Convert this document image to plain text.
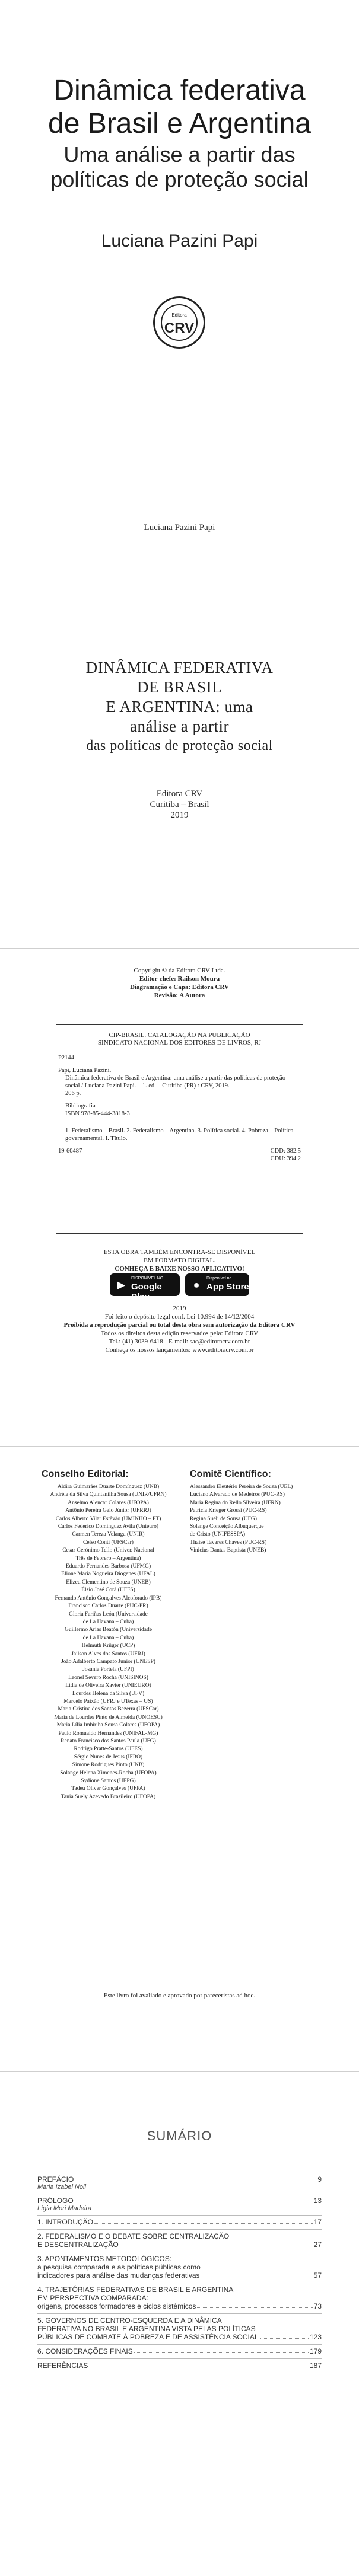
Dinâmica federativa
de Brasil e Argentina
Uma análise a partir das
políticas de proteção social
Luciana Pazini Papi
Editora
CRV
Luciana Pazini Papi
DINÂMICA FEDERATIVA DE BRASIL
E ARGENTINA: uma análise a partir
das políticas de proteção social
Editora CRV
Curitiba – Brasil
2019
Copyright © da Editora CRV Ltda.
Editor-chefe: Railson Moura
Diagramação e Capa: Editora CRV
Revisão: A Autora
CIP-BRASIL. CATALOGAÇÃO NA PUBLICAÇÃO
SINDICATO NACIONAL DOS EDITORES DE LIVROS, RJ
P2144
Papi, Luciana Pazini.
Dinâmica federativa de Brasil e Argentina: uma análise a partir das políticas de proteção social / Luciana Pazini Papi. – 1. ed. – Curitiba (PR) : CRV, 2019.
206 p.
Bibliografia
ISBN 978-85-444-3818-3
1. Federalismo – Brasil. 2. Federalismo – Argentina. 3. Política social. 4. Pobreza – Política governamental. I. Título.
19-60487	CDD: 382.5
CDU: 394.2
ESTA OBRA TAMBÉM ENCONTRA-SE DISPONÍVEL
EM FORMATO DIGITAL.
CONHEÇA E BAIXE NOSSO APLICATIVO!
▶
DISPONÍVEL NO
Google Play
●
Disponível na
App Store
2019
Foi feito o depósito legal conf. Lei 10.994 de 14/12/2004
Proibida a reprodução parcial ou total desta obra sem autorização da Editora CRV
Todos os direitos desta edição reservados pela: Editora CRV
Tel.: (41) 3039-6418 - E-mail: sac@editoracrv.com.br
Conheça os nossos lançamentos: www.editoracrv.com.br
Conselho Editorial:
Aldira Guimarães Duarte Domínguez (UNB)
Andréia da Silva Quintanilha Sousa (UNIR/UFRN)
Anselmo Alencar Colares (UFOPA)
Antônio Pereira Gaio Júnior (UFRRJ)
Carlos Alberto Vilar Estêvão (UMINHO – PT)
Carlos Federico Dominguez Avila (Unieuro)
Carmen Tereza Velanga (UNIR)
Celso Conti (UFSCar)
Cesar Gerónimo Tello (Univer. Nacional
Três de Febrero – Argentina)
Eduardo Fernandes Barbosa (UFMG)
Elione Maria Nogueira Diogenes (UFAL)
Elizeu Clementino de Souza (UNEB)
Élsio José Corá (UFFS)
Fernando Antônio Gonçalves Alcoforado (IPB)
Francisco Carlos Duarte (PUC-PR)
Gloria Fariñas León (Universidade
de La Havana – Cuba)
Guillermo Arias Beatón (Universidade
de La Havana – Cuba)
Helmuth Krüger (UCP)
Jailson Alves dos Santos (UFRJ)
João Adalberto Campato Junior (UNESP)
Josania Portela (UFPI)
Leonel Severo Rocha (UNISINOS)
Lídia de Oliveira Xavier (UNIEURO)
Lourdes Helena da Silva (UFV)
Marcelo Paixão (UFRJ e UTexas – US)
Maria Cristina dos Santos Bezerra (UFSCar)
Maria de Lourdes Pinto de Almeida (UNOESC)
Maria Lília Imbiriba Sousa Colares (UFOPA)
Paulo Romualdo Hernandes (UNIFAL-MG)
Renato Francisco dos Santos Paula (UFG)
Rodrigo Pratte-Santos (UFES)
Sérgio Nunes de Jesus (IFRO)
Simone Rodrigues Pinto (UNB)
Solange Helena Ximenes-Rocha (UFOPA)
Sydione Santos (UEPG)
Tadeu Oliver Gonçalves (UFPA)
Tania Suely Azevedo Brasileiro (UFOPA)
Comitê Científico:
Alessandro Eleutério Pereira de Souza (UEL)
Luciano Alvarado de Medeiros (PUC-RS)
Maria Regina do Rello Silveira (UFRN)
Patricia Krieger Grossi (PUC-RS)
Regina Sueli de Sousa (UFG)
Solange Conceição Albuquerque
de Cristo (UNIFESSPA)
Thaíse Tavares Chaves (PUC-RS)
Vinicius Dantas Baptista (UNEB)
Este livro foi avaliado e aprovado por pareceristas ad hoc.
SUMÁRIO
PREFÁCIO	9
Maria Izabel Noll
PRÓLOGO	13
Lígia Mori Madeira
1. INTRODUÇÃO	17
2. FEDERALISMO E O DEBATE SOBRE CENTRALIZAÇÃO
E DESCENTRALIZAÇÃO	27
3. APONTAMENTOS METODOLÓGICOS:
a pesquisa comparada e as políticas públicas como
indicadores para análise das mudanças federativas	57
4. TRAJETÓRIAS FEDERATIVAS DE BRASIL E ARGENTINA
EM PERSPECTIVA COMPARADA:
origens, processos formadores e ciclos sistêmicos	73
5. GOVERNOS DE CENTRO-ESQUERDA E A DINÂMICA
FEDERATIVA NO BRASIL E ARGENTINA VISTA PELAS POLÍTICAS
PÚBLICAS DE COMBATE À POBREZA E DE ASSISTÊNCIA SOCIAL	123
6. CONSIDERAÇÕES FINAIS	179
REFERÊNCIAS	187
